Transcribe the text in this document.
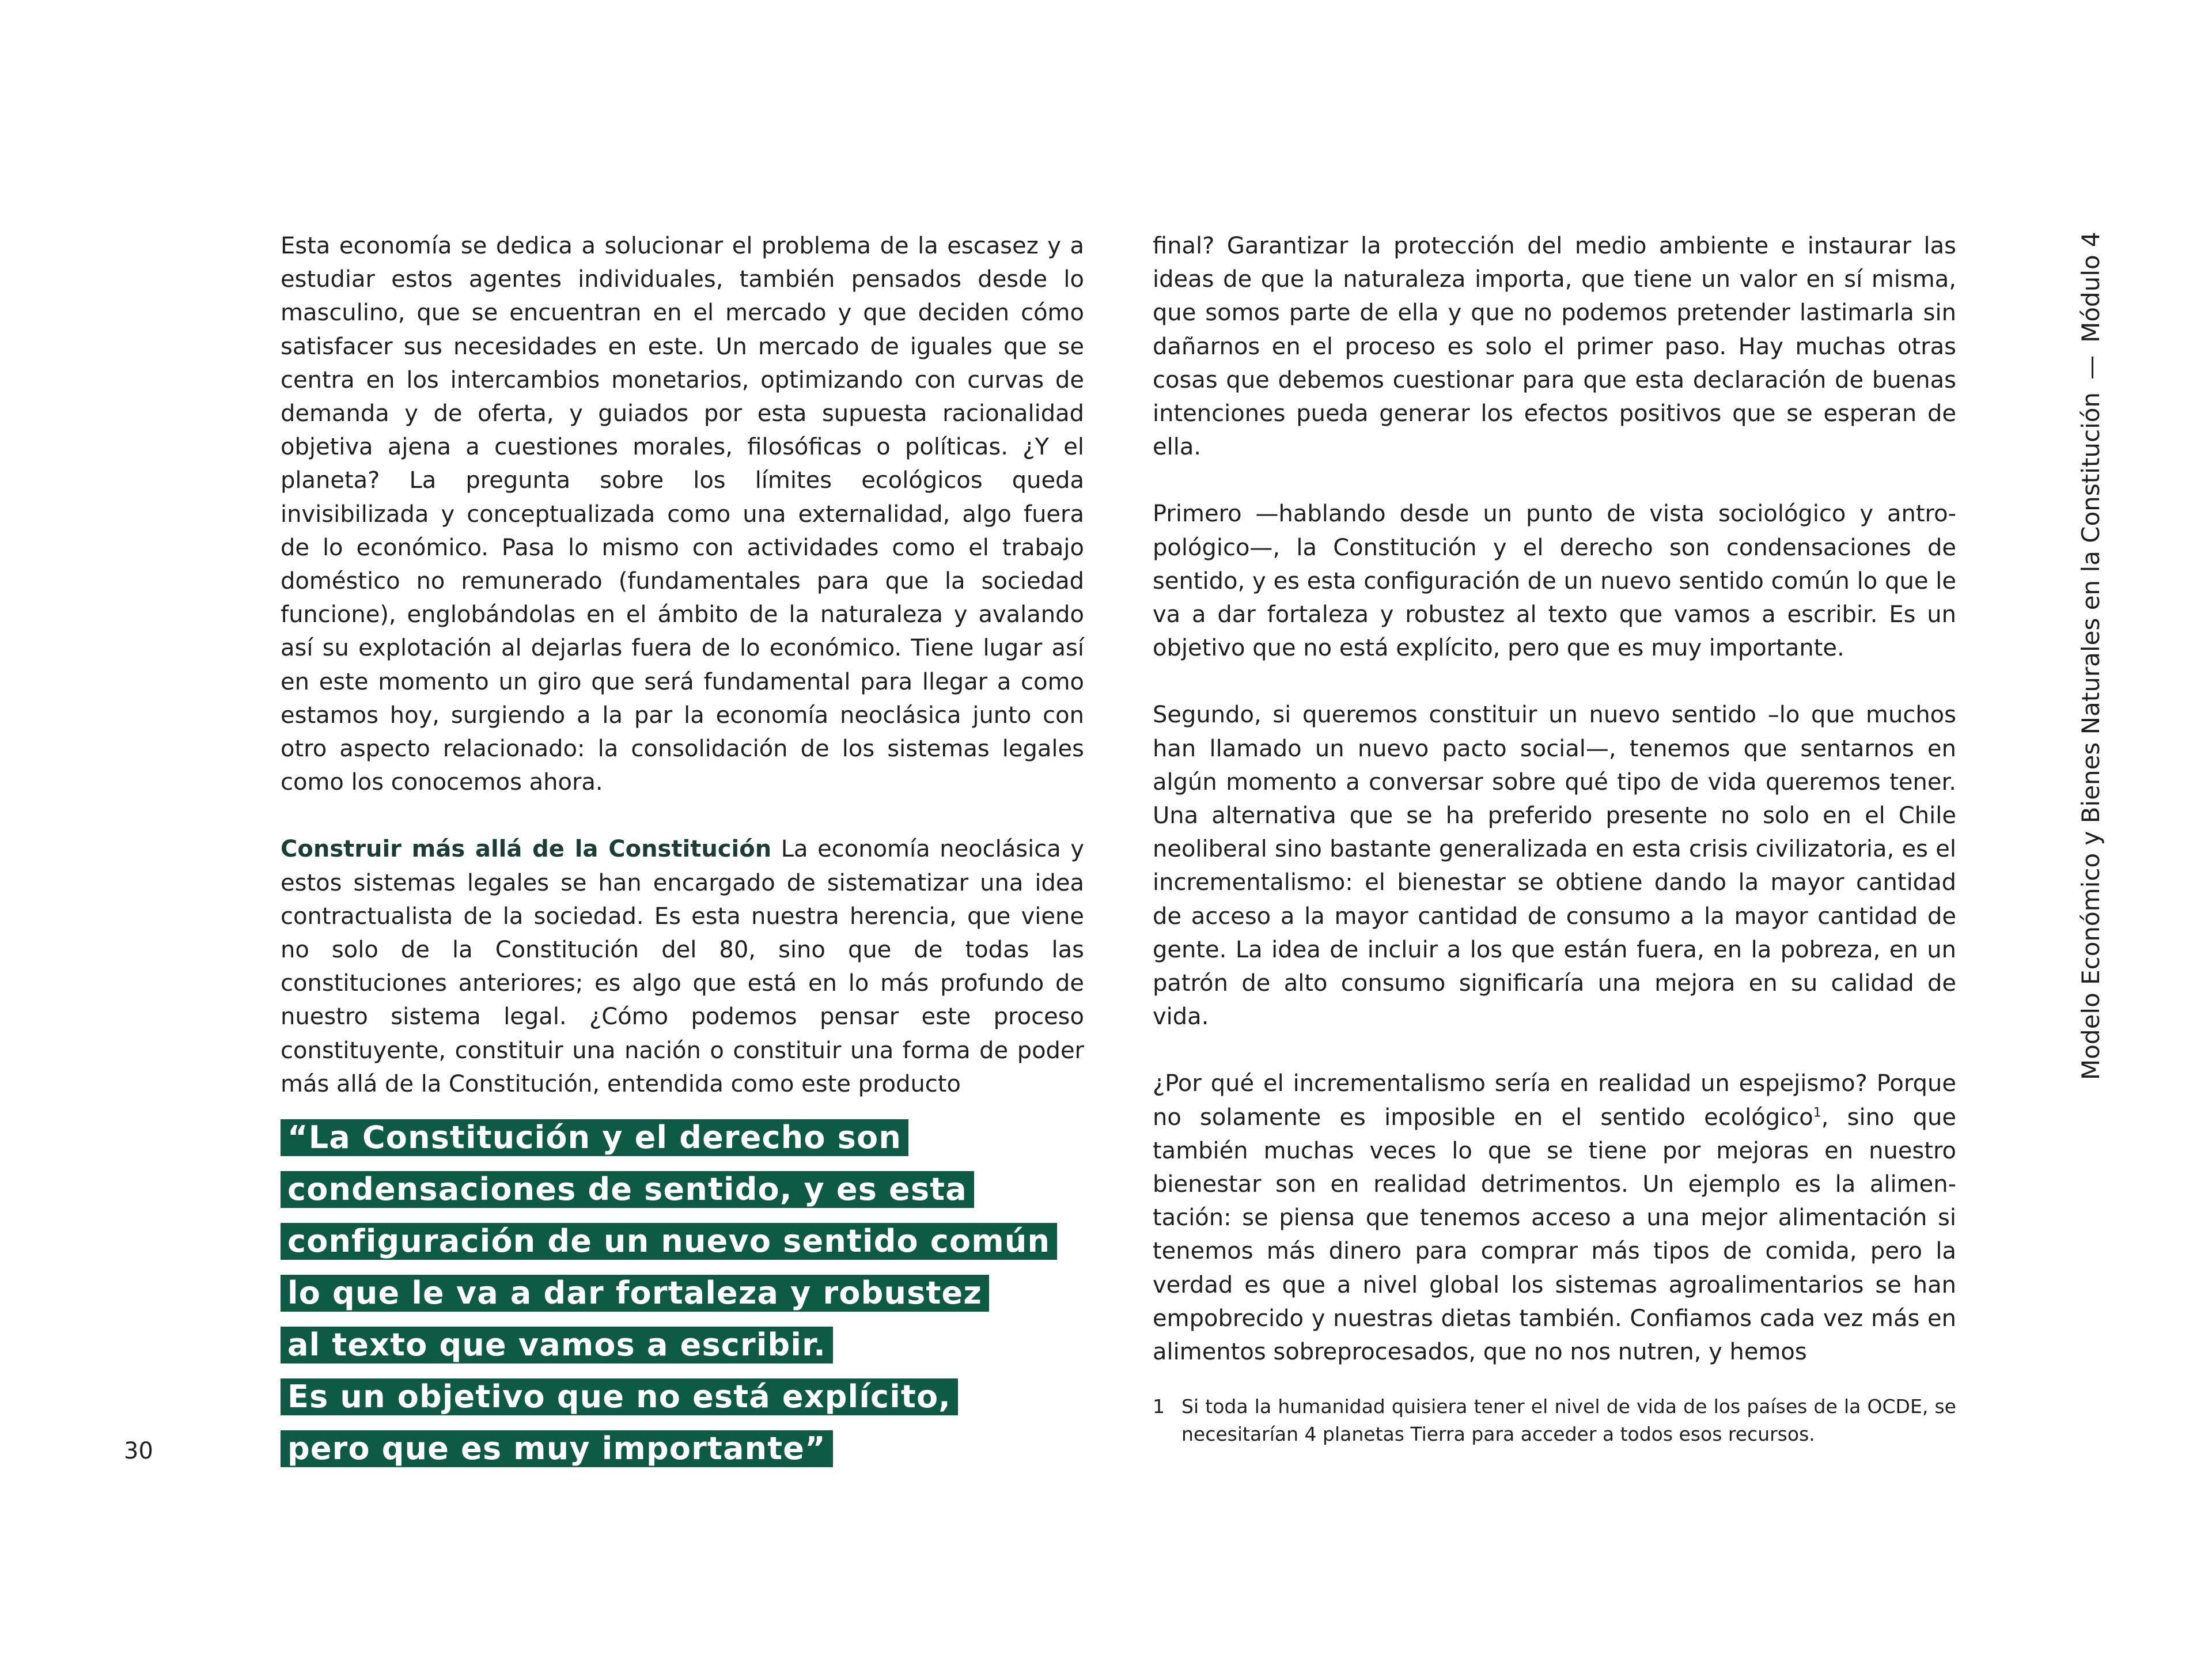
Esta economía se dedica a solucionar el problema de la escasez y a estudiar estos agentes individuales, también pensados desde lo masculino, que se encuentran en el mercado y que deciden cómo satisfacer sus necesidades en este. Un mercado de iguales que se centra en los intercambios monetarios, optimizando con curvas de demanda y de oferta, y guiados por esta supuesta racionalidad objetiva ajena a cuestiones morales, filosóficas o políticas. ¿Y el planeta? La pregunta sobre los límites ecológicos queda invisibilizada y conceptualizada como una externalidad, algo fuera de lo económico. Pasa lo mismo con actividades como el trabajo doméstico no remunerado (fundamentales para que la sociedad funcione), englobándolas en el ámbito de la naturaleza y avalando así su explotación al dejarlas fuera de lo económico. Tiene lugar así en este momento un giro que será fundamental para llegar a como estamos hoy, surgiendo a la par la economía neoclásica junto con otro aspecto relacionado: la consolidación de los sistemas legales como los conocemos ahora.

Construir más allá de la Constitución La economía neoclásica y estos sistemas legales se han encargado de sistematizar una idea contractualista de la sociedad. Es esta nuestra herencia, que viene no solo de la Constitución del 80, sino que de todas las constituciones anteriores; es algo que está en lo más profundo de nuestro sistema legal. ¿Cómo podemos pensar este proceso constituyente, constituir una nación o constituir una forma de poder más allá de la Constitución, entendida como este producto

“La Constitución y el derecho son
condensaciones de sentido, y es esta
configuración de un nuevo sentido común
lo que le va a dar fortaleza y robustez
al texto que vamos a escribir.
Es un objetivo que no está explícito,
pero que es muy importante”

final? Garantizar la protección del medio ambiente e instaurar las ideas de que la naturaleza importa, que tiene un valor en sí misma, que somos parte de ella y que no podemos pretender lastimarla sin dañarnos en el proceso es solo el primer paso. Hay muchas otras cosas que debemos cuestionar para que esta declaración de buenas intenciones pueda generar los efectos positivos que se esperan de ella.

Primero —hablando desde un punto de vista sociológico y antropológico—, la Constitución y el derecho son condensaciones de sentido, y es esta configuración de un nuevo sentido común lo que le va a dar fortaleza y robustez al texto que vamos a escribir. Es un objetivo que no está explícito, pero que es muy importante.

Segundo, si queremos constituir un nuevo sentido –lo que muchos han llamado un nuevo pacto social—, tenemos que sentarnos en algún momento a conversar sobre qué tipo de vida queremos tener. Una alternativa que se ha preferido presente no solo en el Chile neoliberal sino bastante generalizada en esta crisis civilizatoria, es el incrementalismo: el bienestar se obtiene dando la mayor cantidad de acceso a la mayor cantidad de consumo a la mayor cantidad de gente. La idea de incluir a los que están fuera, en la pobreza, en un patrón de alto consumo significaría una mejora en su calidad de vida.

¿Por qué el incrementalismo sería en realidad un espejismo? Porque no solamente es imposible en el sentido ecológico$^1$, sino que también muchas veces lo que se tiene por mejoras en nuestro bienestar son en realidad detrimentos. Un ejemplo es la alimentación: se piensa que tenemos acceso a una mejor alimentación si tenemos más dinero para comprar más tipos de comida, pero la verdad es que a nivel global los sistemas agroalimentarios se han empobrecido y nuestras dietas también. Confiamos cada vez más en alimentos sobreprocesados, que no nos nutren, y hemos

1 Si toda la humanidad quisiera tener el nivel de vida de los países de la OCDE, se necesitarían 4 planetas Tierra para acceder a todos esos recursos.
30
Modelo Económico y Bienes Naturales en la Constitución—Módulo 4
